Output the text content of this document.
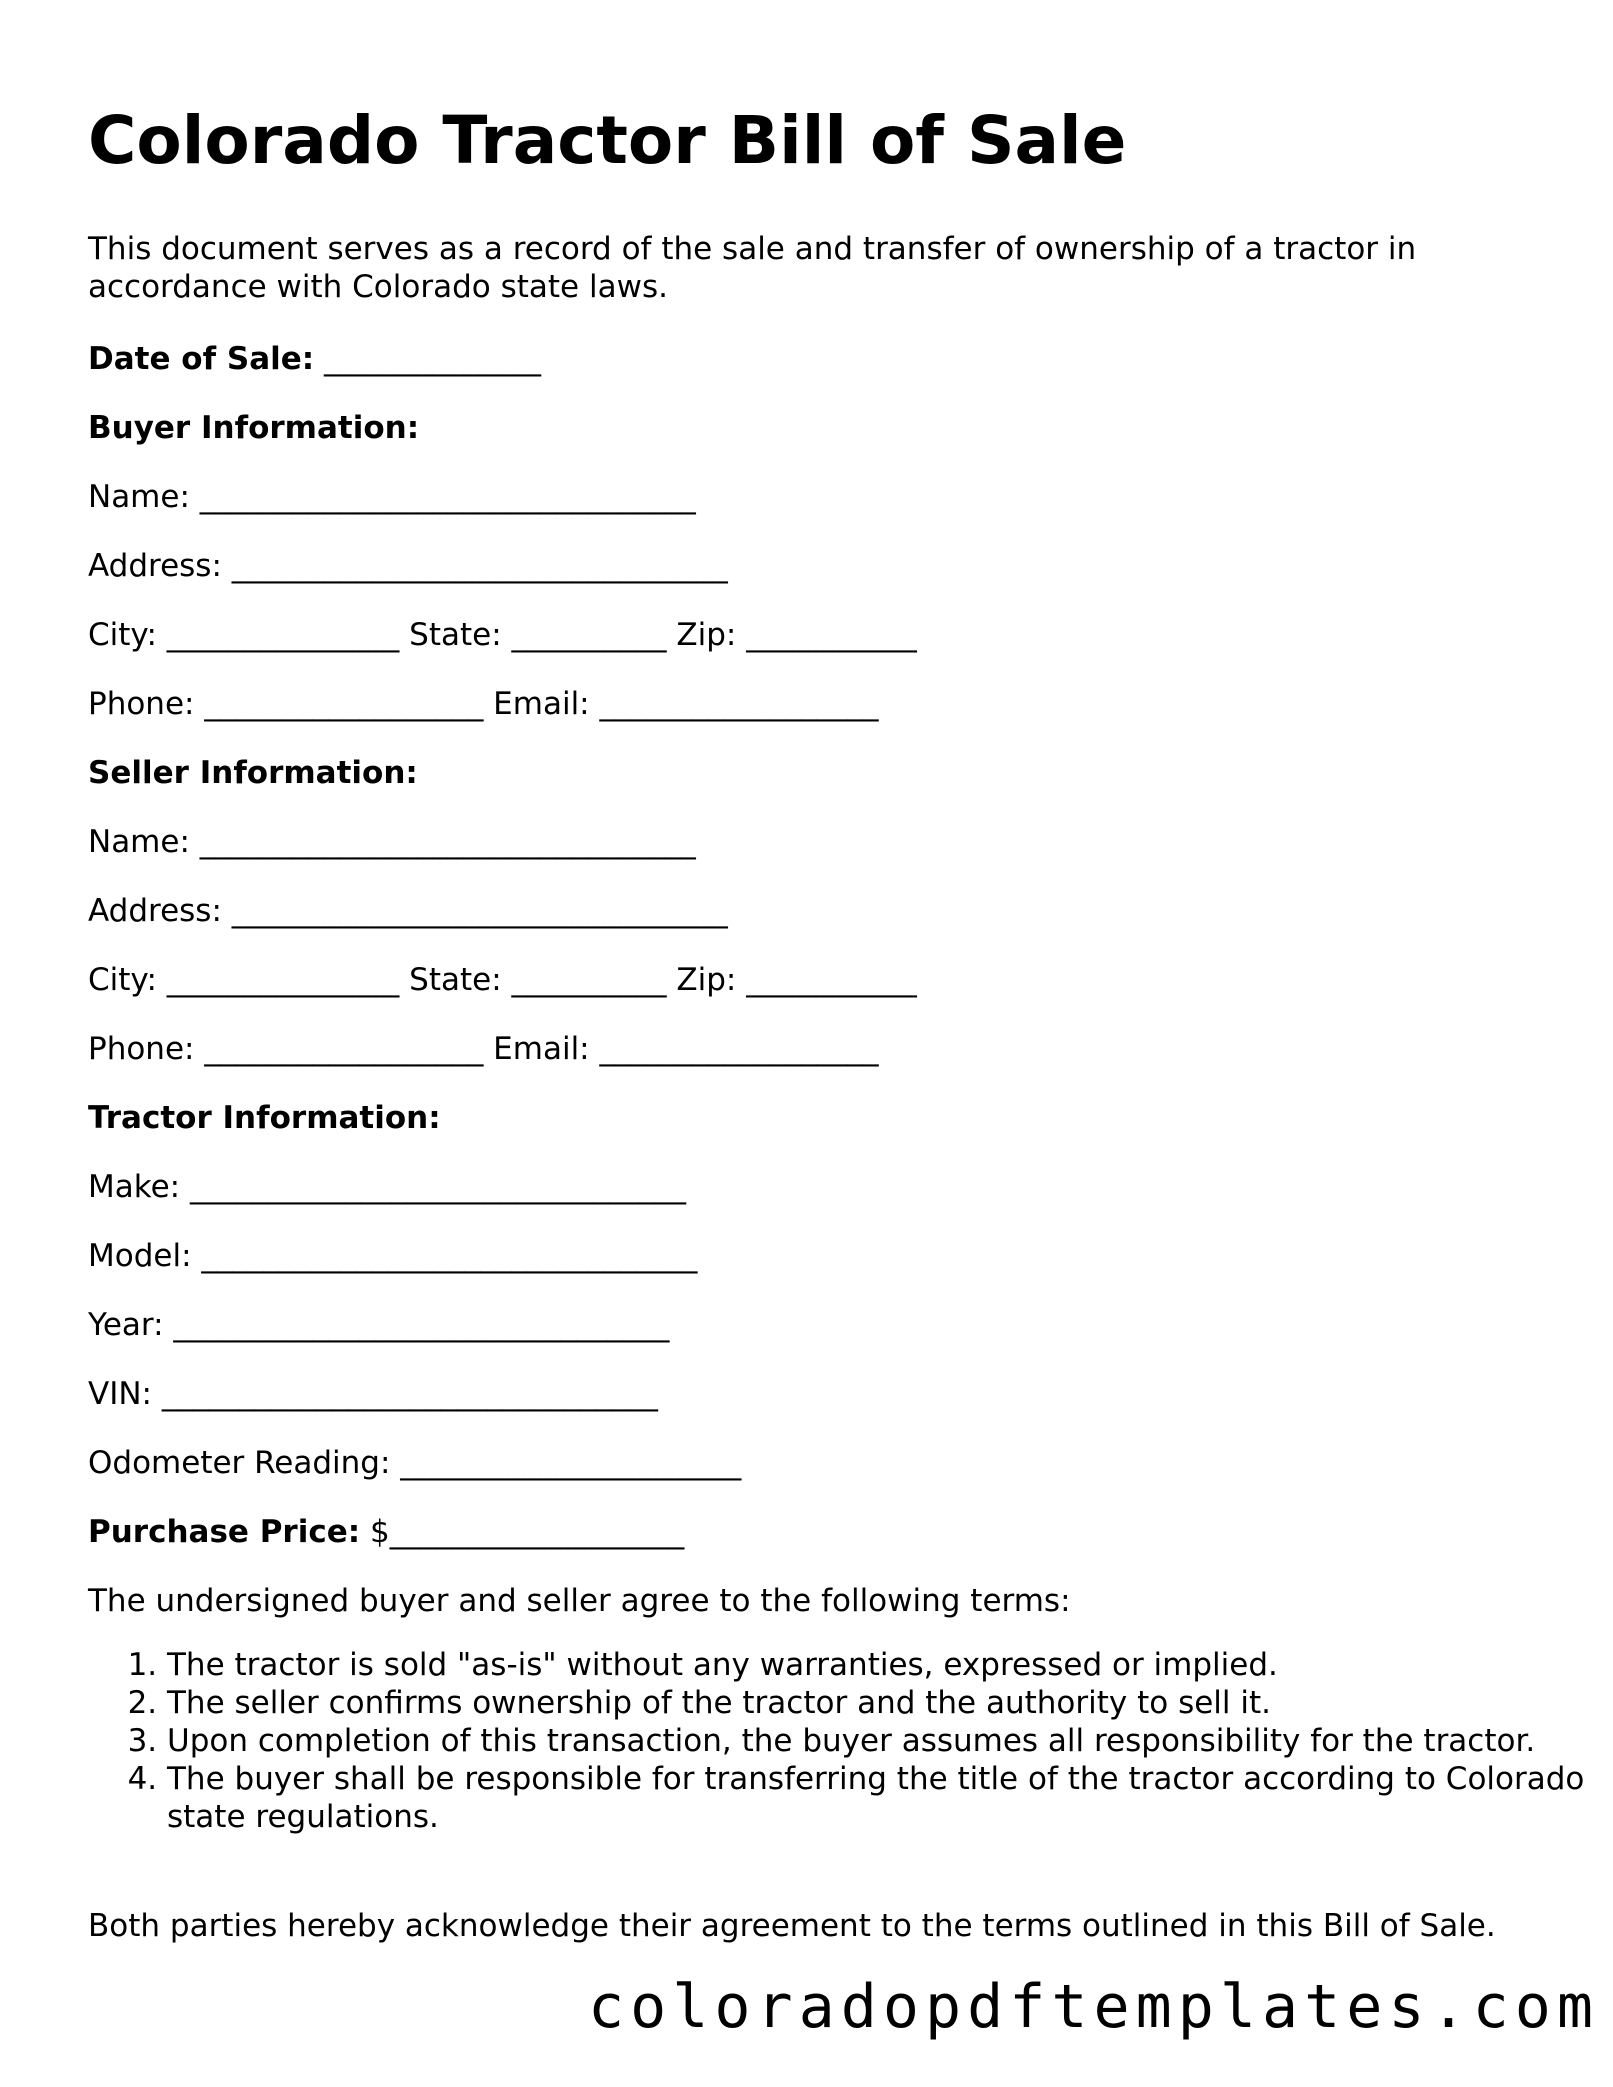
Colorado Tractor Bill of Sale

This document serves as a record of the sale and transfer of ownership of a tractor in accordance with Colorado state laws.

Date of Sale: ______________

Buyer Information:

Name: ________________________________

Address: ________________________________

City: _______________ State: __________ Zip: ___________

Phone: __________________ Email: __________________

Seller Information:

Name: ________________________________

Address: ________________________________

City: _______________ State: __________ Zip: ___________

Phone: __________________ Email: __________________

Tractor Information:

Make: ________________________________

Model: ________________________________

Year: ________________________________

VIN: ________________________________

Odometer Reading: ______________________

Purchase Price: $___________________

The undersigned buyer and seller agree to the following terms:

1. The tractor is sold "as-is" without any warranties, expressed or implied.
2. The seller confirms ownership of the tractor and the authority to sell it.
3. Upon completion of this transaction, the buyer assumes all responsibility for the tractor.
4. The buyer shall be responsible for transferring the title of the tractor according to Colorado state regulations.

Both parties hereby acknowledge their agreement to the terms outlined in this Bill of Sale.

coloradopdftemplates.com
